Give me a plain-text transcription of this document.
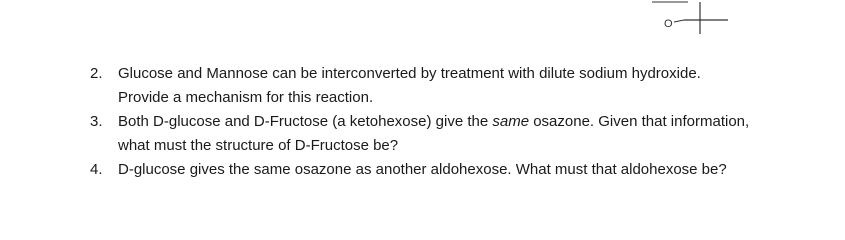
O
2.	Glucose and Mannose can be interconverted by treatment with dilute sodium hydroxide.
Provide a mechanism for this reaction.
3.	Both D-glucose and D-Fructose (a ketohexose) give the same osazone. Given that information,
what must the structure of D-Fructose be?
4.	D-glucose gives the same osazone as another aldohexose. What must that aldohexose be?
